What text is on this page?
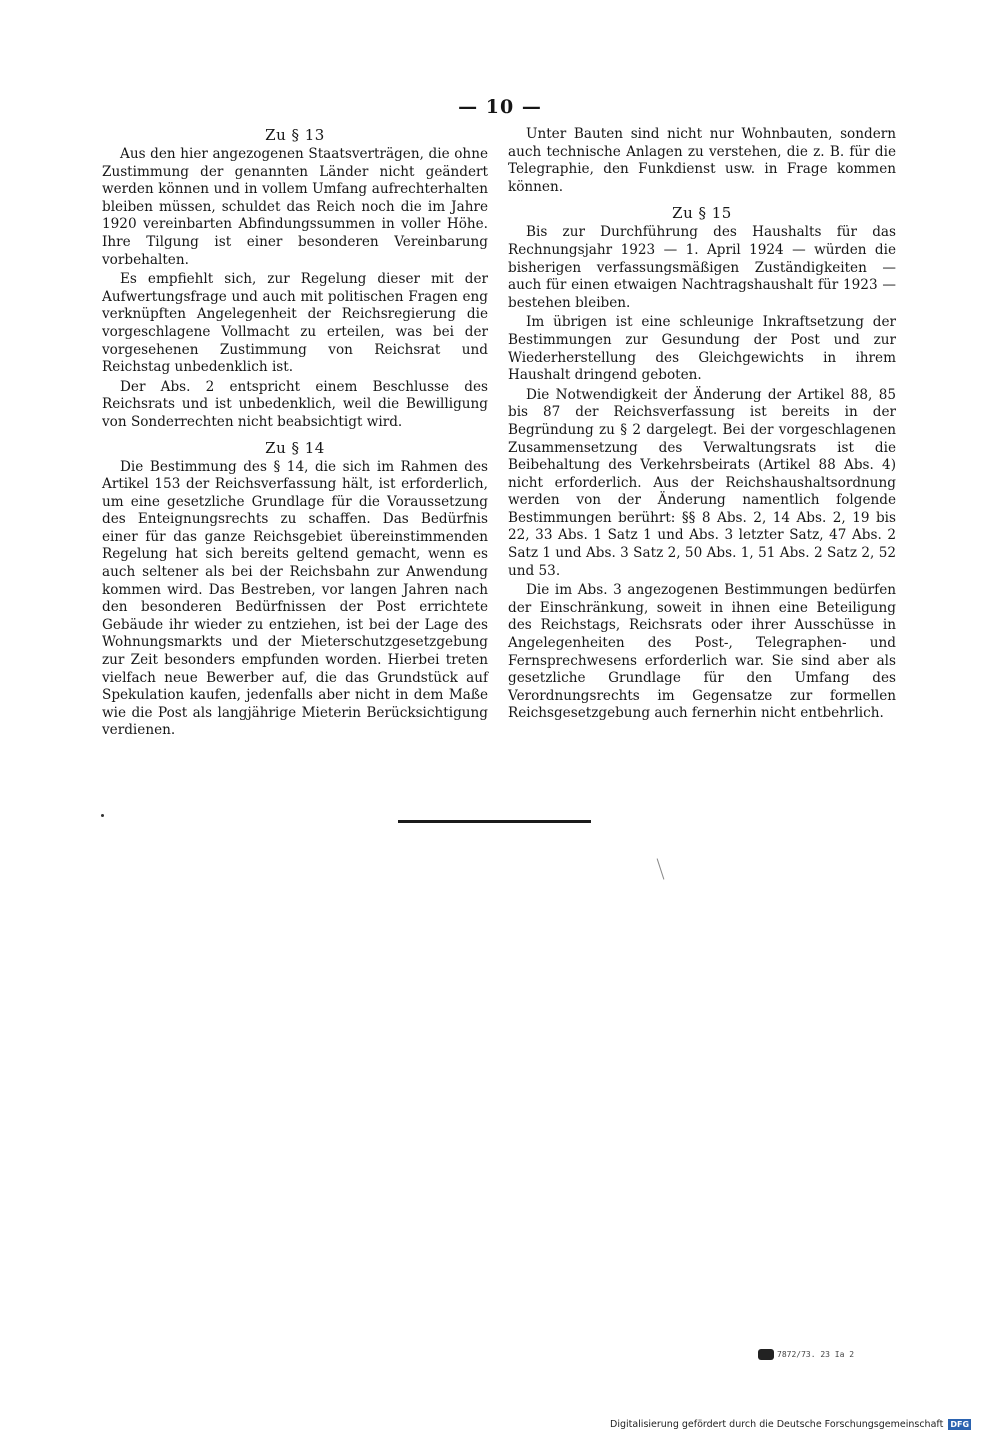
— 10 —
Zu § 13

Aus den hier angezogenen Staatsverträgen, die ohne Zustimmung der genannten Länder nicht geändert werden können und in vollem Umfang aufrechterhalten bleiben müssen, schuldet das Reich noch die im Jahre 1920 vereinbarten Abfindungssummen in voller Höhe. Ihre Tilgung ist einer besonderen Vereinbarung vorbehalten.

Es empfiehlt sich, zur Regelung dieser mit der Aufwertungsfrage und auch mit politischen Fragen eng verknüpften Angelegenheit der Reichsregierung die vorgeschlagene Vollmacht zu erteilen, was bei der vorgesehenen Zustimmung von Reichsrat und Reichstag unbedenklich ist.

Der Abs. 2 entspricht einem Beschlusse des Reichsrats und ist unbedenklich, weil die Bewilligung von Sonderrechten nicht beabsichtigt wird.

Zu § 14

Die Bestimmung des § 14, die sich im Rahmen des Artikel 153 der Reichsverfassung hält, ist erforderlich, um eine gesetzliche Grundlage für die Voraussetzung des Enteignungsrechts zu schaffen. Das Bedürfnis einer für das ganze Reichsgebiet übereinstimmenden Regelung hat sich bereits geltend gemacht, wenn es auch seltener als bei der Reichsbahn zur Anwendung kommen wird. Das Bestreben, vor langen Jahren nach den besonderen Bedürfnissen der Post errichtete Gebäude ihr wieder zu entziehen, ist bei der Lage des Wohnungsmarkts und der Mieterschutzgesetzgebung zur Zeit besonders empfunden worden. Hierbei treten vielfach neue Bewerber auf, die das Grundstück auf Spekulation kaufen, jedenfalls aber nicht in dem Maße wie die Post als langjährige Mieterin Berücksichtigung verdienen.

Unter Bauten sind nicht nur Wohnbauten, sondern auch technische Anlagen zu verstehen, die z. B. für die Telegraphie, den Funkdienst usw. in Frage kommen können.

Zu § 15

Bis zur Durchführung des Haushalts für das Rechnungsjahr 1923 — 1. April 1924 — würden die bisherigen verfassungsmäßigen Zuständigkeiten — auch für einen etwaigen Nachtragshaushalt für 1923 — bestehen bleiben.

Im übrigen ist eine schleunige Inkraftsetzung der Bestimmungen zur Gesundung der Post und zur Wiederherstellung des Gleichgewichts in ihrem Haushalt dringend geboten.

Die Notwendigkeit der Änderung der Artikel 88, 85 bis 87 der Reichsverfassung ist bereits in der Begründung zu § 2 dargelegt. Bei der vorgeschlagenen Zusammensetzung des Verwaltungsrats ist die Beibehaltung des Verkehrsbeirats (Artikel 88 Abs. 4) nicht erforderlich. Aus der Reichshaushaltsordnung werden von der Änderung namentlich folgende Bestimmungen berührt: §§ 8 Abs. 2, 14 Abs. 2, 19 bis 22, 33 Abs. 1 Satz 1 und Abs. 3 letzter Satz, 47 Abs. 2 Satz 1 und Abs. 3 Satz 2, 50 Abs. 1, 51 Abs. 2 Satz 2, 52 und 53.

Die im Abs. 3 angezogenen Bestimmungen bedürfen der Einschränkung, soweit in ihnen eine Beteiligung des Reichstags, Reichsrats oder ihrer Ausschüsse in Angelegenheiten des Post-, Telegraphen- und Fernsprechwesens erforderlich war. Sie sind aber als gesetzliche Grundlage für den Umfang des Verordnungsrechts im Gegensatze zur formellen Reichsgesetzgebung auch fernerhin nicht entbehrlich.

7872/73. 23 Ia 2
Digitalisierung gefördert durch die Deutsche Forschungsgemeinschaft DFG
